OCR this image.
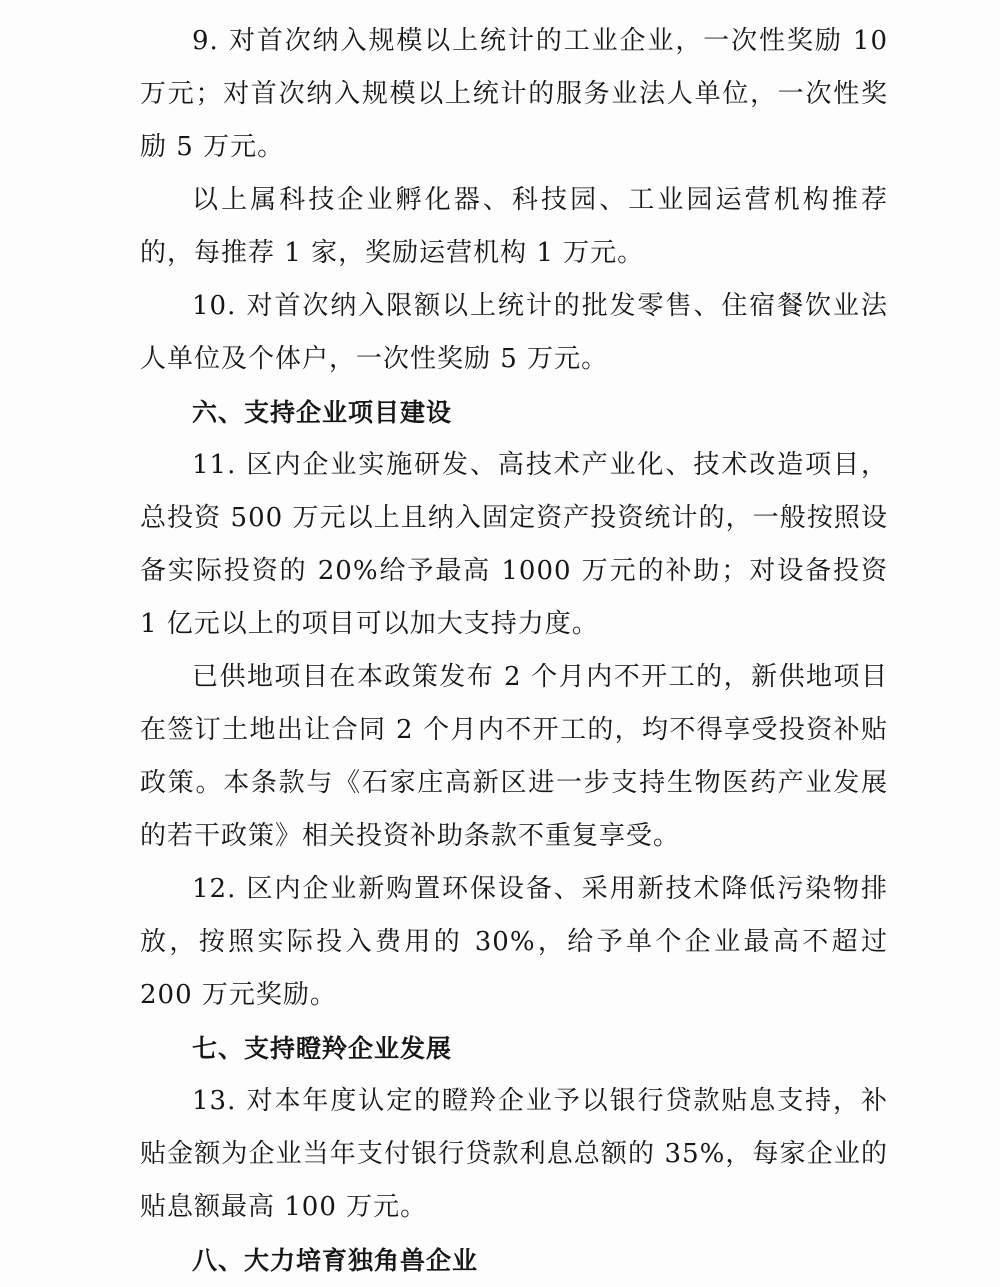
9. 对首次纳入规模以上统计的工业企业，一次性奖励 10 万元；对首次纳入规模以上统计的服务业法人单位，一次性奖励 5 万元。

以上属科技企业孵化器、科技园、工业园运营机构推荐的，每推荐 1 家，奖励运营机构 1 万元。

10. 对首次纳入限额以上统计的批发零售、住宿餐饮业法人单位及个体户，一次性奖励 5 万元。

六、支持企业项目建设

11. 区内企业实施研发、高技术产业化、技术改造项目，总投资 500 万元以上且纳入固定资产投资统计的，一般按照设备实际投资的 20%给予最高 1000 万元的补助；对设备投资 1 亿元以上的项目可以加大支持力度。

已供地项目在本政策发布 2 个月内不开工的，新供地项目在签订土地出让合同 2 个月内不开工的，均不得享受投资补贴政策。本条款与《石家庄高新区进一步支持生物医药产业发展的若干政策》相关投资补助条款不重复享受。

12. 区内企业新购置环保设备、采用新技术降低污染物排放，按照实际投入费用的 30%，给予单个企业最高不超过 200 万元奖励。

七、支持瞪羚企业发展

13. 对本年度认定的瞪羚企业予以银行贷款贴息支持，补贴金额为企业当年支付银行贷款利息总额的 35%，每家企业的贴息额最高 100 万元。

八、大力培育独角兽企业
